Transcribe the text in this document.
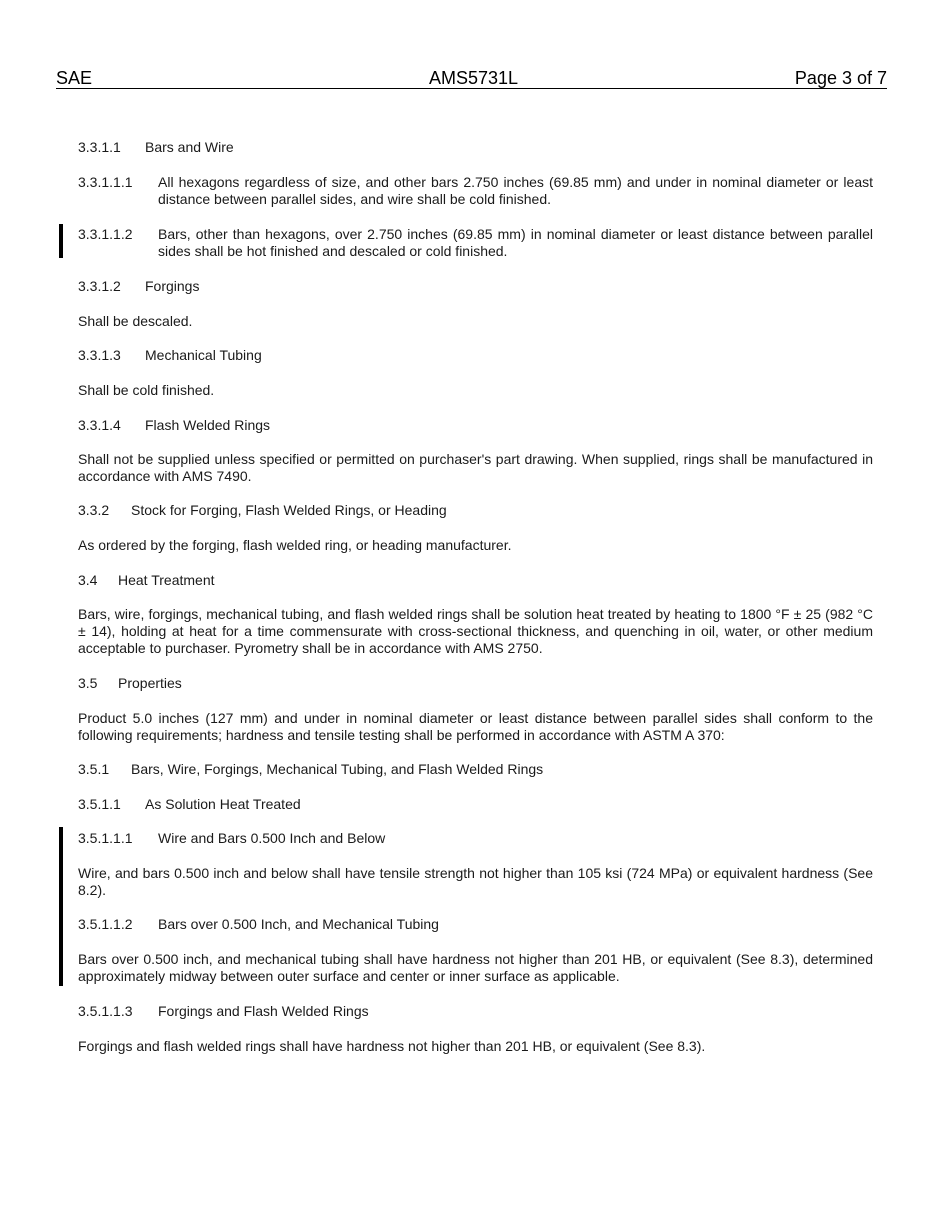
SAE	AMS5731L	Page 3 of 7
3.3.1.1 Bars and Wire
3.3.1.1.1 All hexagons regardless of size, and other bars 2.750 inches (69.85 mm) and under in nominal diameter or least distance between parallel sides, and wire shall be cold finished.
3.3.1.1.2 Bars, other than hexagons, over 2.750 inches (69.85 mm) in nominal diameter or least distance between parallel sides shall be hot finished and descaled or cold finished.
3.3.1.2 Forgings
Shall be descaled.
3.3.1.3 Mechanical Tubing
Shall be cold finished.
3.3.1.4 Flash Welded Rings
Shall not be supplied unless specified or permitted on purchaser's part drawing. When supplied, rings shall be manufactured in accordance with AMS 7490.
3.3.2 Stock for Forging, Flash Welded Rings, or Heading
As ordered by the forging, flash welded ring, or heading manufacturer.
3.4 Heat Treatment
Bars, wire, forgings, mechanical tubing, and flash welded rings shall be solution heat treated by heating to 1800 °F ± 25 (982 °C ± 14), holding at heat for a time commensurate with cross-sectional thickness, and quenching in oil, water, or other medium acceptable to purchaser. Pyrometry shall be in accordance with AMS 2750.
3.5 Properties
Product 5.0 inches (127 mm) and under in nominal diameter or least distance between parallel sides shall conform to the following requirements; hardness and tensile testing shall be performed in accordance with ASTM A 370:
3.5.1 Bars, Wire, Forgings, Mechanical Tubing, and Flash Welded Rings
3.5.1.1 As Solution Heat Treated
3.5.1.1.1 Wire and Bars 0.500 Inch and Below
Wire, and bars 0.500 inch and below shall have tensile strength not higher than 105 ksi (724 MPa) or equivalent hardness (See 8.2).
3.5.1.1.2 Bars over 0.500 Inch, and Mechanical Tubing
Bars over 0.500 inch, and mechanical tubing shall have hardness not higher than 201 HB, or equivalent (See 8.3), determined approximately midway between outer surface and center or inner surface as applicable.
3.5.1.1.3 Forgings and Flash Welded Rings
Forgings and flash welded rings shall have hardness not higher than 201 HB, or equivalent (See 8.3).
